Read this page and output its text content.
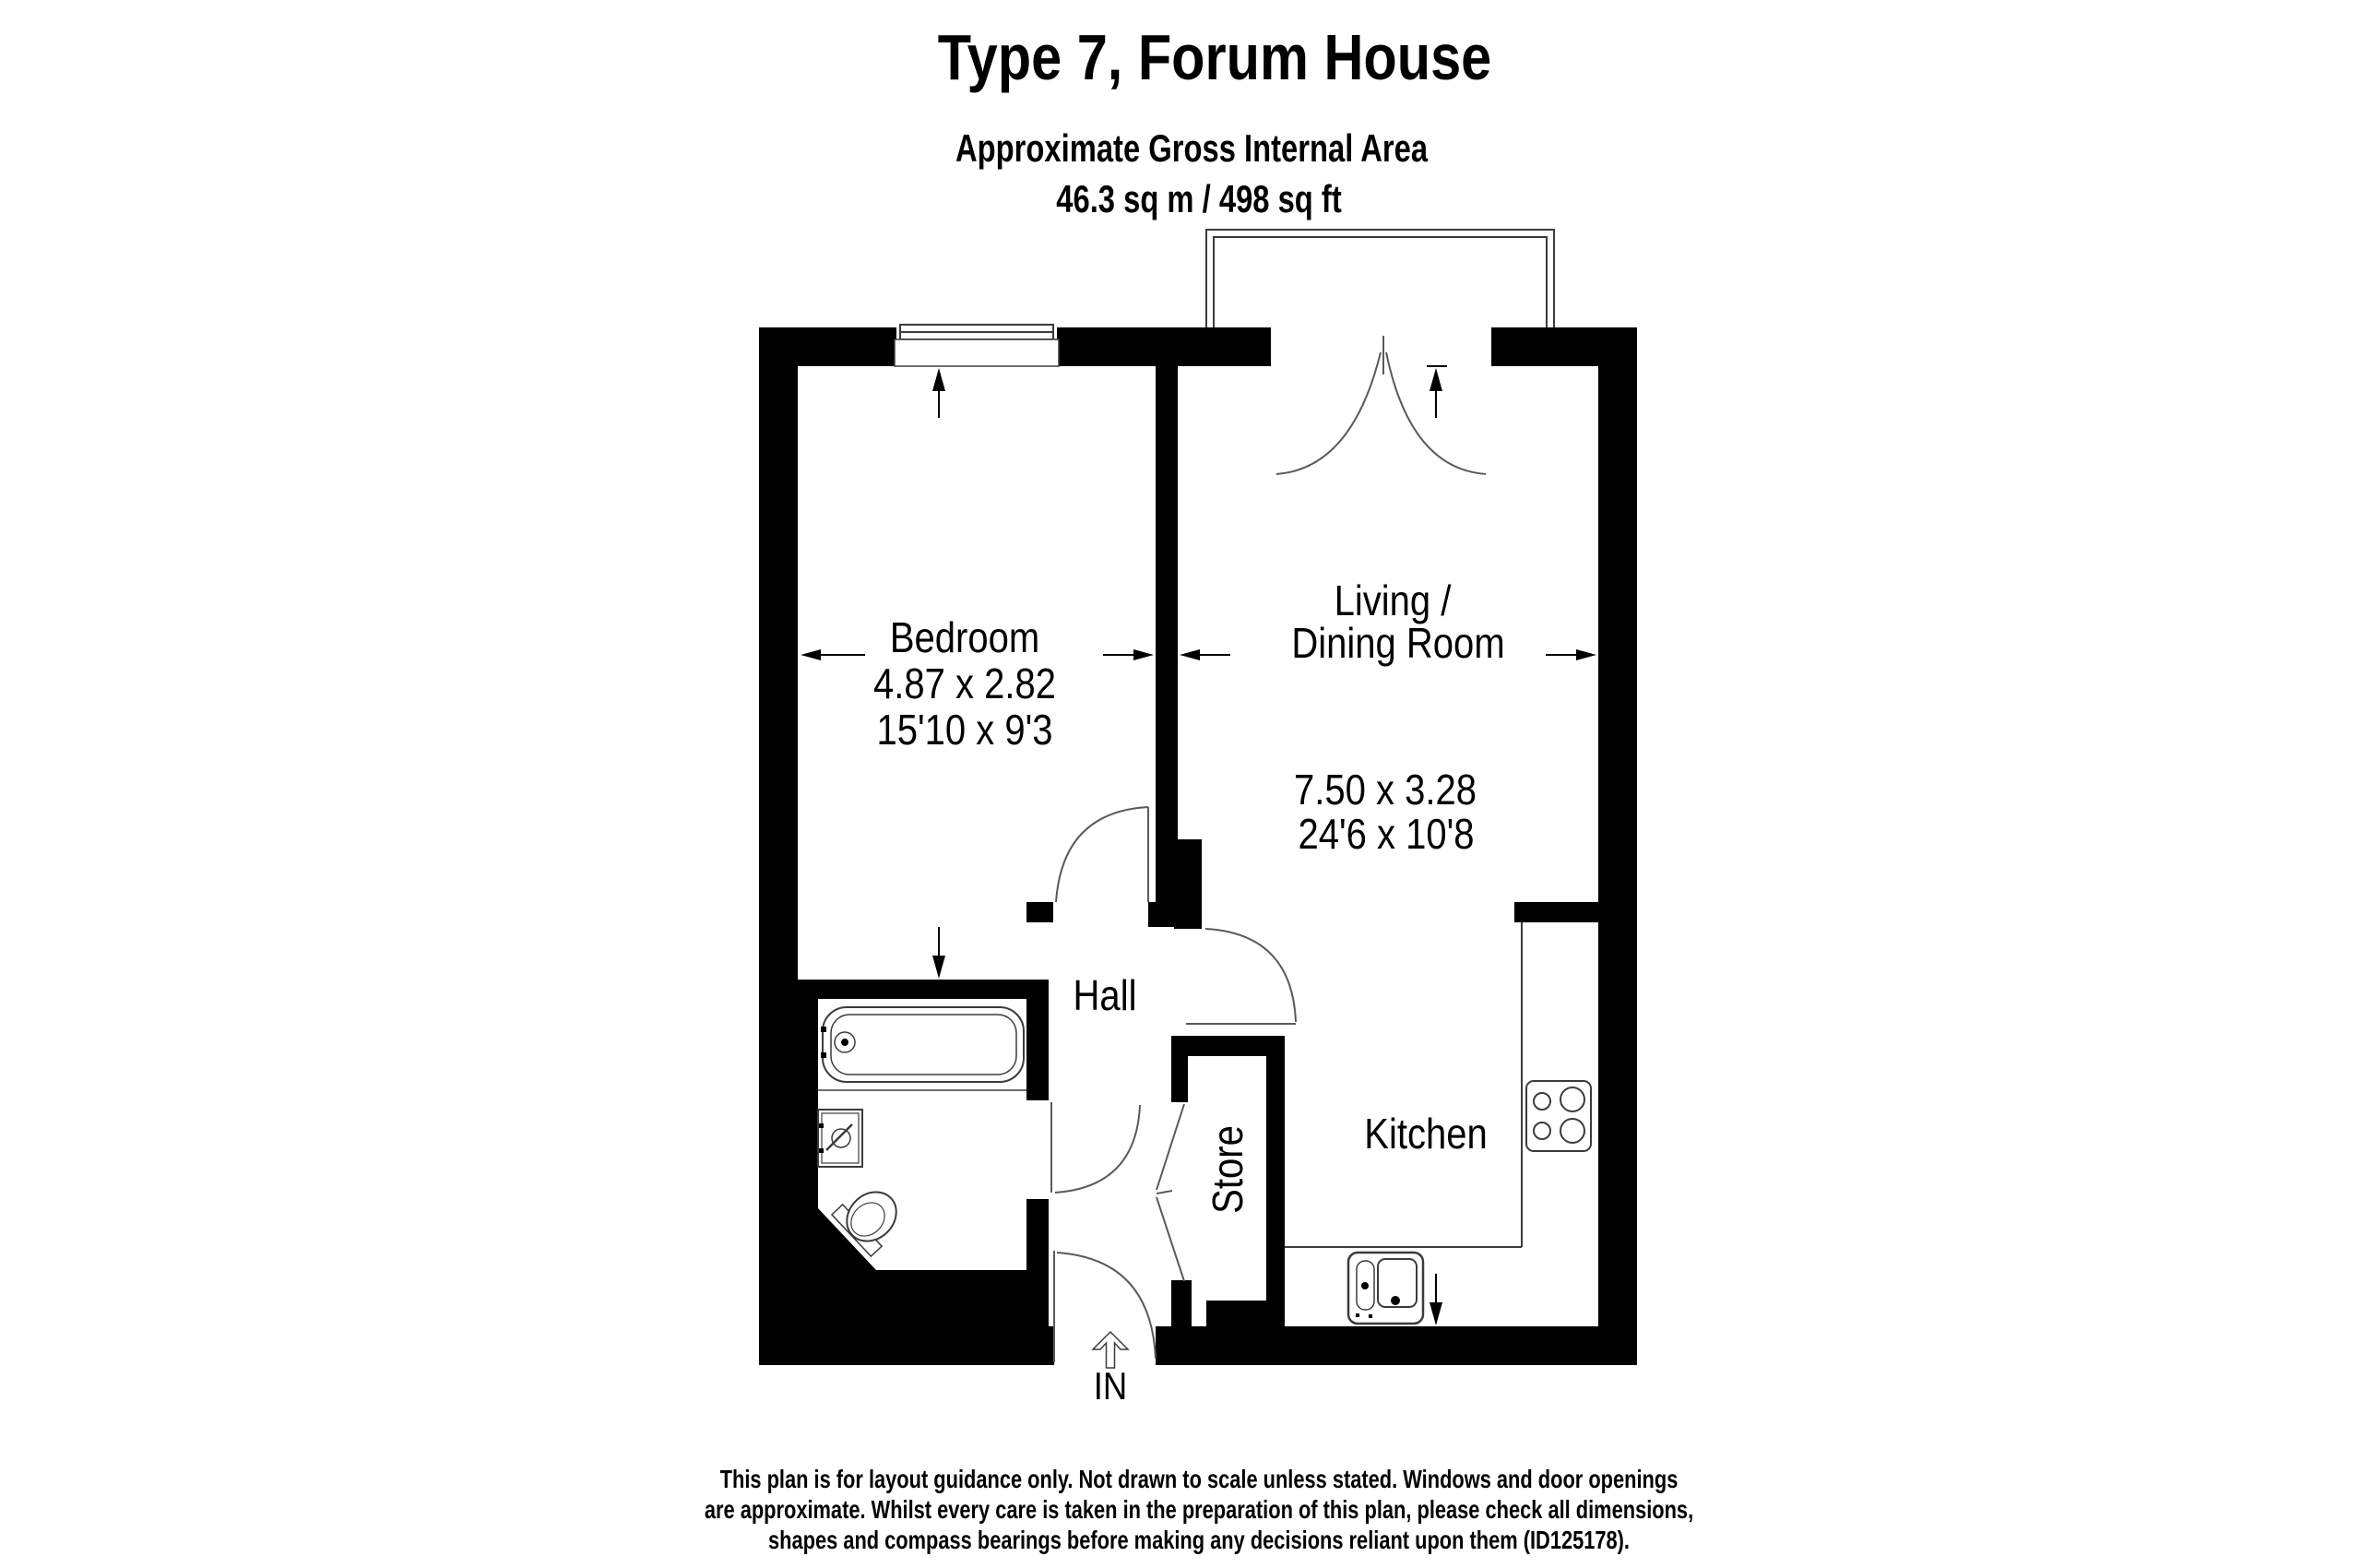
Type 7, Forum House
Approximate Gross Internal Area
46.3 sq m / 498 sq ft
Bedroom
4.87 x 2.82
15'10 x 9'3
Living /
Dining Room
7.50 x 3.28
24'6 x 10'8
Hall
Store	Kitchen
IN
This plan is for layout guidance only. Not drawn to scale unless stated. Windows and door openings
are approximate. Whilst every care is taken in the preparation of this plan, please check all dimensions,
shapes and compass bearings before making any decisions reliant upon them (ID125178).
